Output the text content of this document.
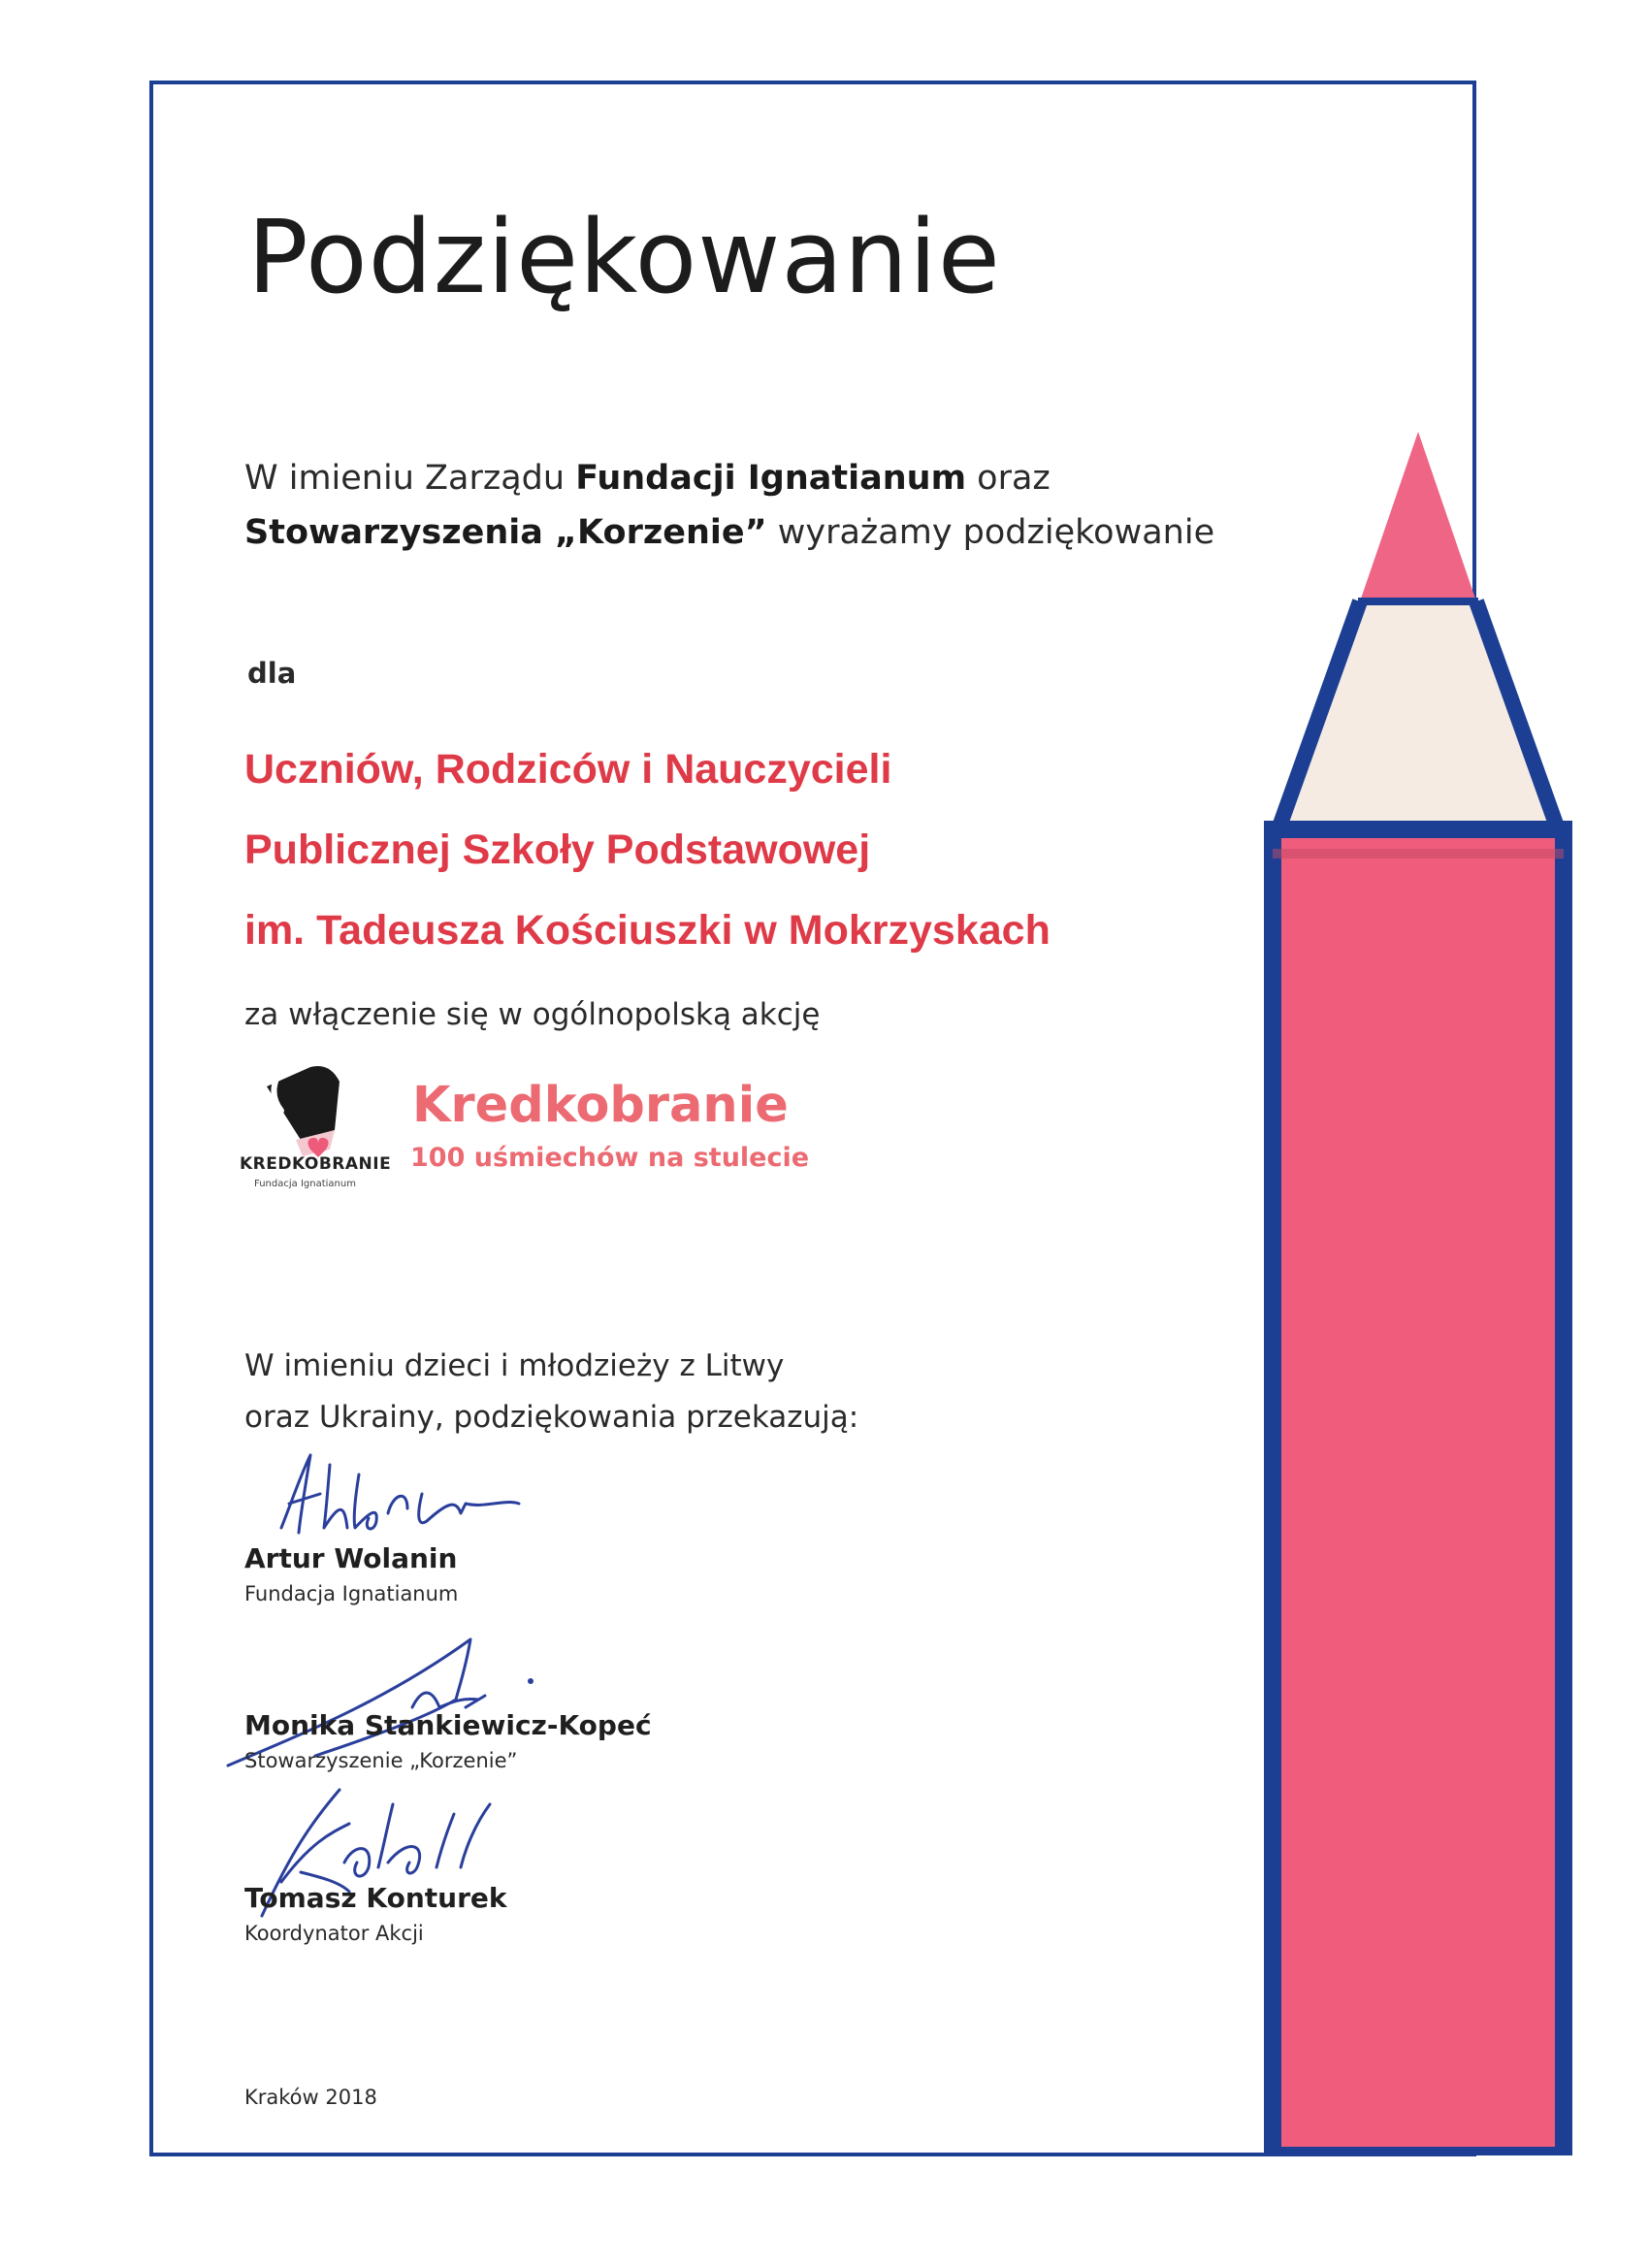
Podziękowanie

W imieniu Zarządu Fundacji Ignatianum oraz

Stowarzyszenia „Korzenie” wyrażamy podziękowanie

dla
Uczniów, Rodziców i Nauczycieli
Publicznej Szkoły Podstawowej
im. Tadeusza Kościuszki w Mokrzyskach
za włączenie się w ogólnopolską akcję
KREDKOBRANIE
Fundacja Ignatianum
Kredkobranie
100 uśmiechów na stulecie

W imieniu dzieci i młodzieży z Litwy

oraz Ukrainy, podziękowania przekazują:

Artur Wolanin
Fundacja Ignatianum
Monika Stankiewicz-Kopeć
Stowarzyszenie „Korzenie”
Tomasz Konturek
Koordynator Akcji
Kraków 2018
